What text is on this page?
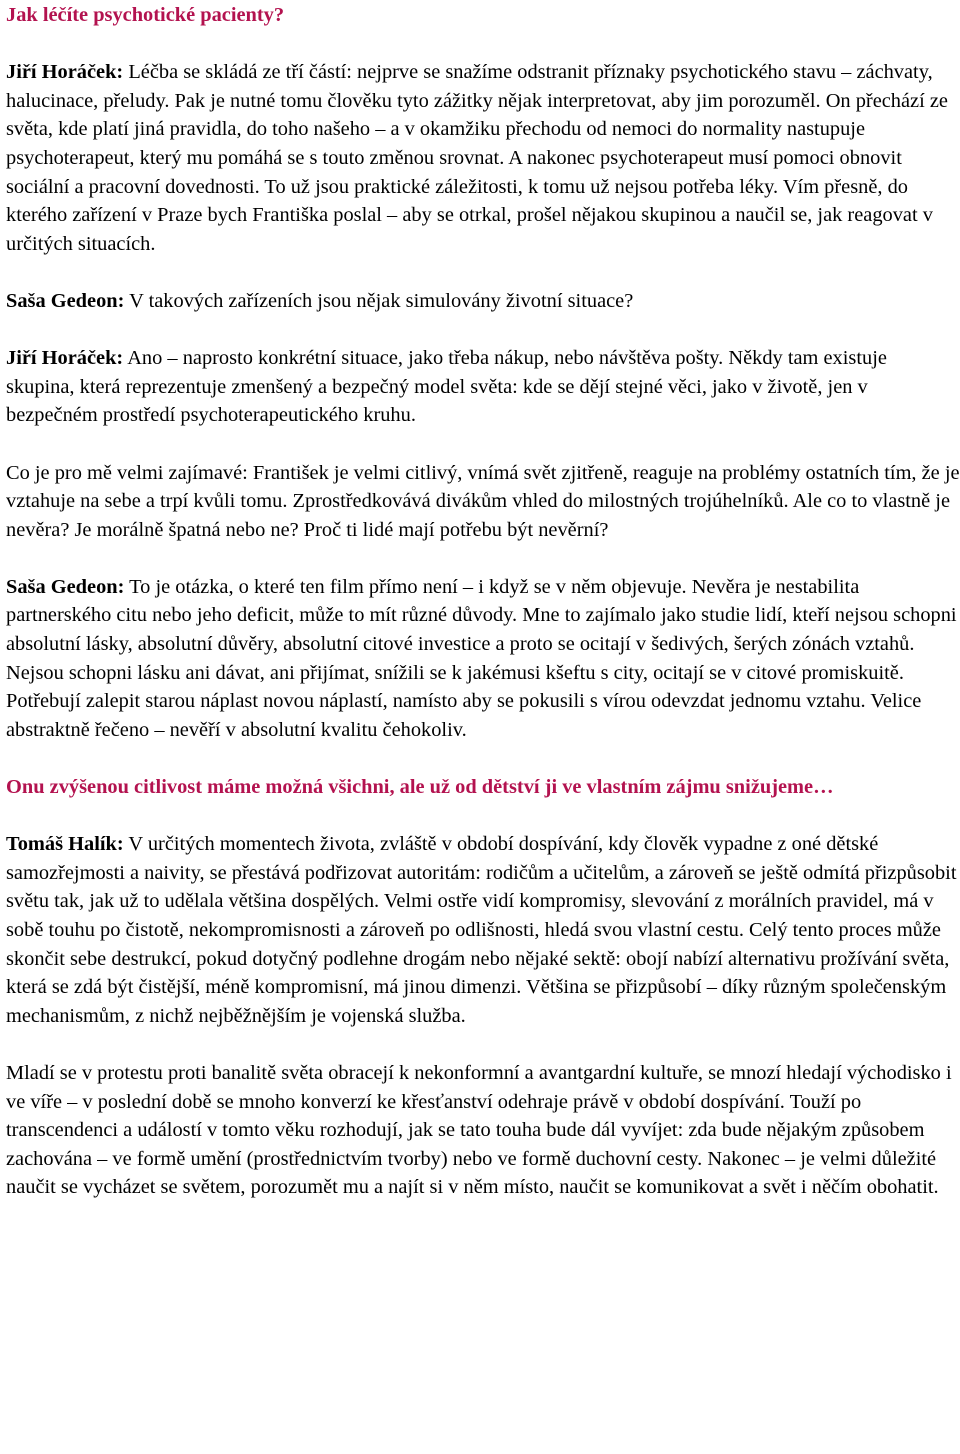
Jak léčíte psychotické pacienty?

Jiří Horáček: Léčba se skládá ze tří částí: nejprve se snažíme odstranit příznaky psychotického stavu – záchvaty, halucinace, přeludy. Pak je nutné tomu člověku tyto zážitky nějak interpretovat, aby jim porozuměl. On přechází ze světa, kde platí jiná pravidla, do toho našeho – a v okamžiku přechodu od nemoci do normality nastupuje psychoterapeut, který mu pomáhá se s touto změnou srovnat. A nakonec psychoterapeut musí pomoci obnovit sociální a pracovní dovednosti. To už jsou praktické záležitosti, k tomu už nejsou potřeba léky. Vím přesně, do kterého zařízení v Praze bych Františka poslal – aby se otrkal, prošel nějakou skupinou a naučil se, jak reagovat v určitých situacích.

Saša Gedeon: V takových zařízeních jsou nějak simulovány životní situace?

Jiří Horáček: Ano – naprosto konkrétní situace, jako třeba nákup, nebo návštěva pošty. Někdy tam existuje skupina, která reprezentuje zmenšený a bezpečný model světa: kde se dějí stejné věci, jako v životě, jen v bezpečném prostředí psychoterapeutického kruhu.

Co je pro mě velmi zajímavé: František je velmi citlivý, vnímá svět zjitřeně, reaguje na problémy ostatních tím, že je vztahuje na sebe a trpí kvůli tomu. Zprostředkovává divákům vhled do milostných trojúhelníků. Ale co to vlastně je nevěra? Je morálně špatná nebo ne? Proč ti lidé mají potřebu být nevěrní?

Saša Gedeon: To je otázka, o které ten film přímo není – i když se v něm objevuje. Nevěra je nestabilita partnerského citu nebo jeho deficit, může to mít různé důvody. Mne to zajímalo jako studie lidí, kteří nejsou schopni absolutní lásky, absolutní důvěry, absolutní citové investice a proto se ocitají v šedivých, šerých zónách vztahů. Nejsou schopni lásku ani dávat, ani přijímat, snížili se k jakémusi kšeftu s city, ocitají se v citové promiskuitě. Potřebují zalepit starou náplast novou náplastí, namísto aby se pokusili s vírou odevzdat jednomu vztahu. Velice abstraktně řečeno – nevěří v absolutní kvalitu čehokoliv.

Onu zvýšenou citlivost máme možná všichni, ale už od dětství ji ve vlastním zájmu snižujeme…

Tomáš Halík: V určitých momentech života, zvláště v období dospívání, kdy člověk vypadne z oné dětské samozřejmosti a naivity, se přestává podřizovat autoritám: rodičům a učitelům, a zároveň se ještě odmítá přizpůsobit světu tak, jak už to udělala většina dospělých. Velmi ostře vidí kompromisy, slevování z morálních pravidel, má v sobě touhu po čistotě, nekompromisnosti a zároveň po odlišnosti, hledá svou vlastní cestu. Celý tento proces může skončit sebe destrukcí, pokud dotyčný podlehne drogám nebo nějaké sektě: obojí nabízí alternativu prožívání světa, která se zdá být čistější, méně kompromisní, má jinou dimenzi. Většina se přizpůsobí – díky různým společenským mechanismům, z nichž nejběžnějším je vojenská služba.

Mladí se v protestu proti banalitě světa obracejí k nekonformní a avantgardní kultuře, se mnozí hledají východisko i ve víře – v poslední době se mnoho konverzí ke křesťanství odehraje právě v období dospívání. Touží po transcendenci a událostí v tomto věku rozhodují, jak se tato touha bude dál vyvíjet: zda bude nějakým způsobem zachována – ve formě umění (prostřednictvím tvorby) nebo ve formě duchovní cesty. Nakonec – je velmi důležité naučit se vycházet se světem, porozumět mu a najít si v něm místo, naučit se komunikovat a svět i něčím obohatit.
